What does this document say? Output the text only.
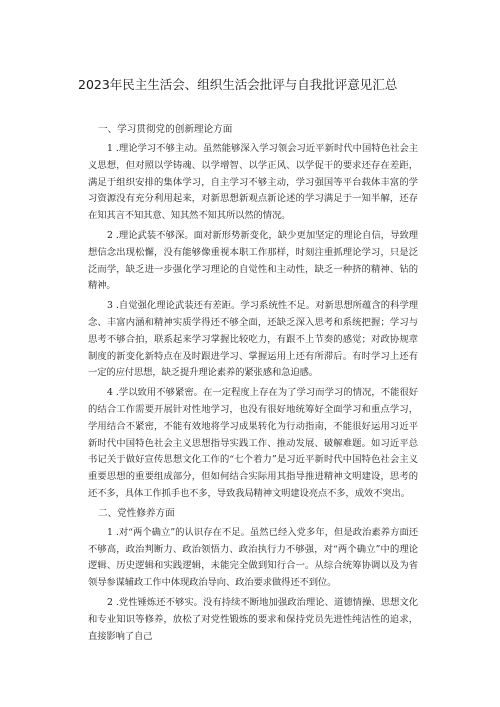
2023年民主生活会、组织生活会批评与自我批评意见汇总
一、学习贯彻党的创新理论方面

1 .理论学习不够主动。虽然能够深入学习领会习近平新时代中国特色社会主义思想，但对照以学铸魂、以学增智、以学正风、以学促干的要求还存在差距，满足于组织安排的集体学习，自主学习不够主动，学习强国等平台载体丰富的学习资源没有充分利用起来，对新思想新观点新论述的学习满足于一知半解，还存在知其言不知其意、知其然不知其所以然的情况。

2 .理论武装不够深。面对新形势新变化，缺少更加坚定的理论自信，导致理想信念出现松懈，没有能够像重视本职工作那样，时刻注重抓理论学习，只是泛泛而学，缺乏进一步强化学习理论的自觉性和主动性，缺乏一种挤的精神、钻的精神。

3 .自觉强化理论武装还有差距。学习系统性不足。对新思想所蕴含的科学理念、丰富内涵和精神实质学得还不够全面，还缺乏深入思考和系统把握；学习与思考不够合拍，联系起来学习掌握比较吃力，有跟不上节奏的感觉；对政协规章制度的新变化新特点在及时跟进学习、掌握运用上还有所滞后。有时学习上还有一定的应付思想，缺乏提升理论素养的紧张感和急迫感。

4 .学以致用不够紧密。在一定程度上存在为了学习而学习的情况，不能很好的结合工作需要开展针对性地学习，也没有很好地统筹好全面学习和重点学习，学用结合不紧密，不能有效地将学习成果转化为行动指南，不能很好运用习近平新时代中国特色社会主义思想指导实践工作、推动发展、破解难题。如习近平总书记关于做好宣传思想文化工作的“七个着力”是习近平新时代中国特色社会主义重要思想的重要组成部分，但如何结合实际用其指导推进精神文明建设，思考的还不多，具体工作抓手也不多，导致我局精神文明建设亮点不多，成效不突出。

二、党性修养方面

1 .对“两个确立”的认识存在不足。虽然已经入党多年，但是政治素养方面还不够高，政治判断力、政治领悟力、政治执行力不够强，对“两个确立”中的理论逻辑、历史逻辑和实践逻辑，未能完全做到知行合一。从综合统筹协调以及为省领导参谋辅政工作中体现政治导向、政治要求做得还不到位。

2 .党性锤炼还不够实。没有持续不断地加强政治理论、道德情操、思想文化和专业知识等修养，放松了对党性锻炼的要求和保持党员先进性纯洁性的追求，直接影响了自己
